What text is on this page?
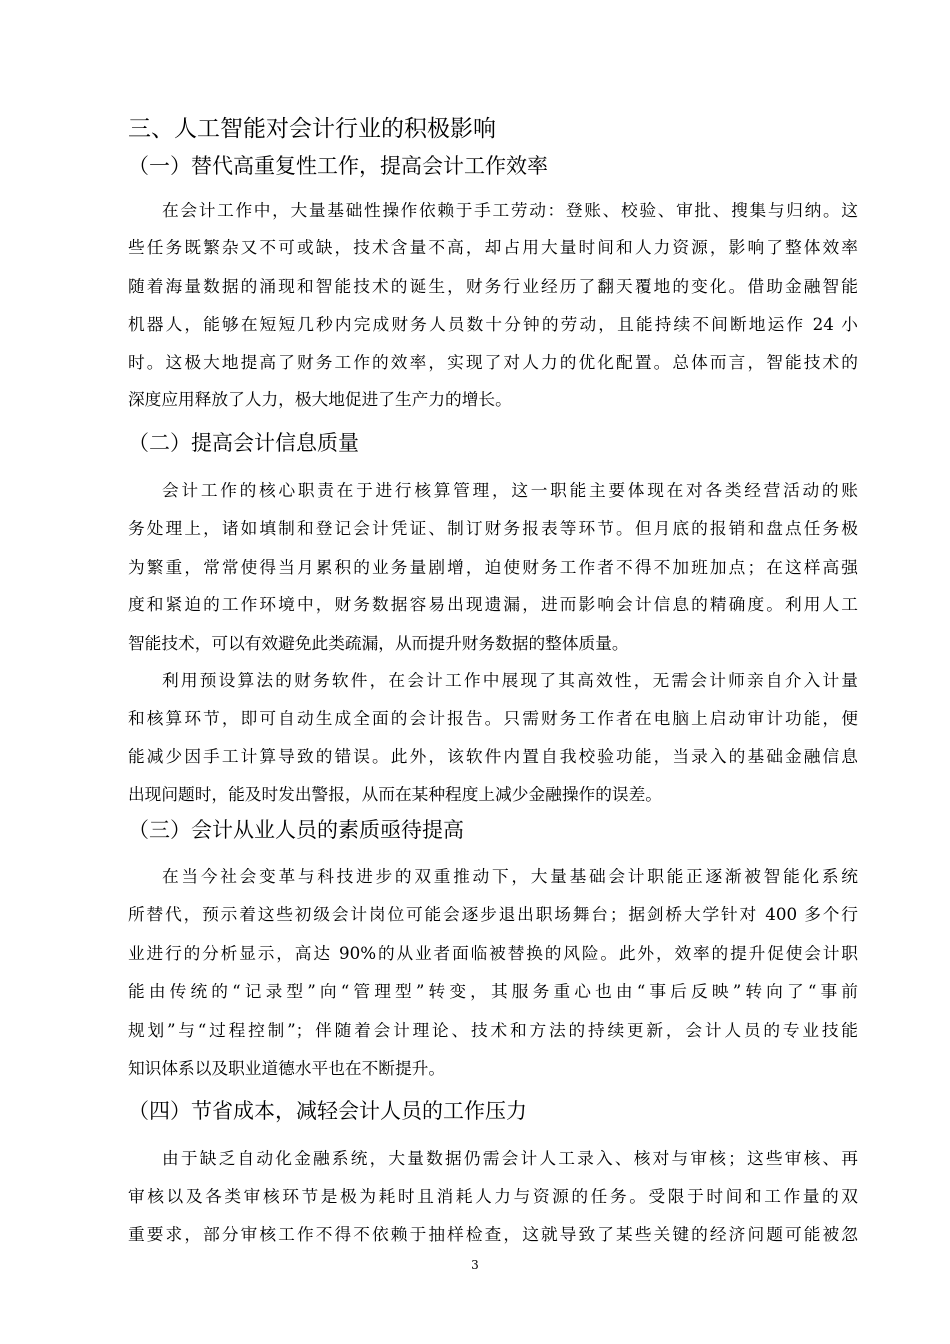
三、人工智能对会计行业的积极影响
（一）替代高重复性工作，提高会计工作效率
在会计工作中，大量基础性操作依赖于手工劳动：登账、校验、审批、搜集与归纳。这
些任务既繁杂又不可或缺，技术含量不高，却占用大量时间和人力资源，影响了整体效率
随着海量数据的涌现和智能技术的诞生，财务行业经历了翻天覆地的变化。借助金融智能
机器人，能够在短短几秒内完成财务人员数十分钟的劳动，且能持续不间断地运作 24 小
时。这极大地提高了财务工作的效率，实现了对人力的优化配置。总体而言，智能技术的
深度应用释放了人力，极大地促进了生产力的增长。
（二）提高会计信息质量
会计工作的核心职责在于进行核算管理，这一职能主要体现在对各类经营活动的账
务处理上，诸如填制和登记会计凭证、制订财务报表等环节。但月底的报销和盘点任务极
为繁重，常常使得当月累积的业务量剧增，迫使财务工作者不得不加班加点；在这样高强
度和紧迫的工作环境中，财务数据容易出现遗漏，进而影响会计信息的精确度。利用人工
智能技术，可以有效避免此类疏漏，从而提升财务数据的整体质量。
利用预设算法的财务软件，在会计工作中展现了其高效性，无需会计师亲自介入计量
和核算环节，即可自动生成全面的会计报告。只需财务工作者在电脑上启动审计功能，便
能减少因手工计算导致的错误。此外，该软件内置自我校验功能，当录入的基础金融信息
出现问题时，能及时发出警报，从而在某种程度上减少金融操作的误差。
（三）会计从业人员的素质亟待提高
在当今社会变革与科技进步的双重推动下，大量基础会计职能正逐渐被智能化系统
所替代，预示着这些初级会计岗位可能会逐步退出职场舞台；据剑桥大学针对 400 多个行
业进行的分析显示，高达 90%的从业者面临被替换的风险。此外，效率的提升促使会计职
能由传统的“记录型”向“管理型”转变，其服务重心也由“事后反映”转向了“事前
规划”与“过程控制”；伴随着会计理论、技术和方法的持续更新，会计人员的专业技能
知识体系以及职业道德水平也在不断提升。
（四）节省成本，减轻会计人员的工作压力
由于缺乏自动化金融系统，大量数据仍需会计人工录入、核对与审核；这些审核、再
审核以及各类审核环节是极为耗时且消耗人力与资源的任务。受限于时间和工作量的双
重要求，部分审核工作不得不依赖于抽样检查，这就导致了某些关键的经济问题可能被忽
3
